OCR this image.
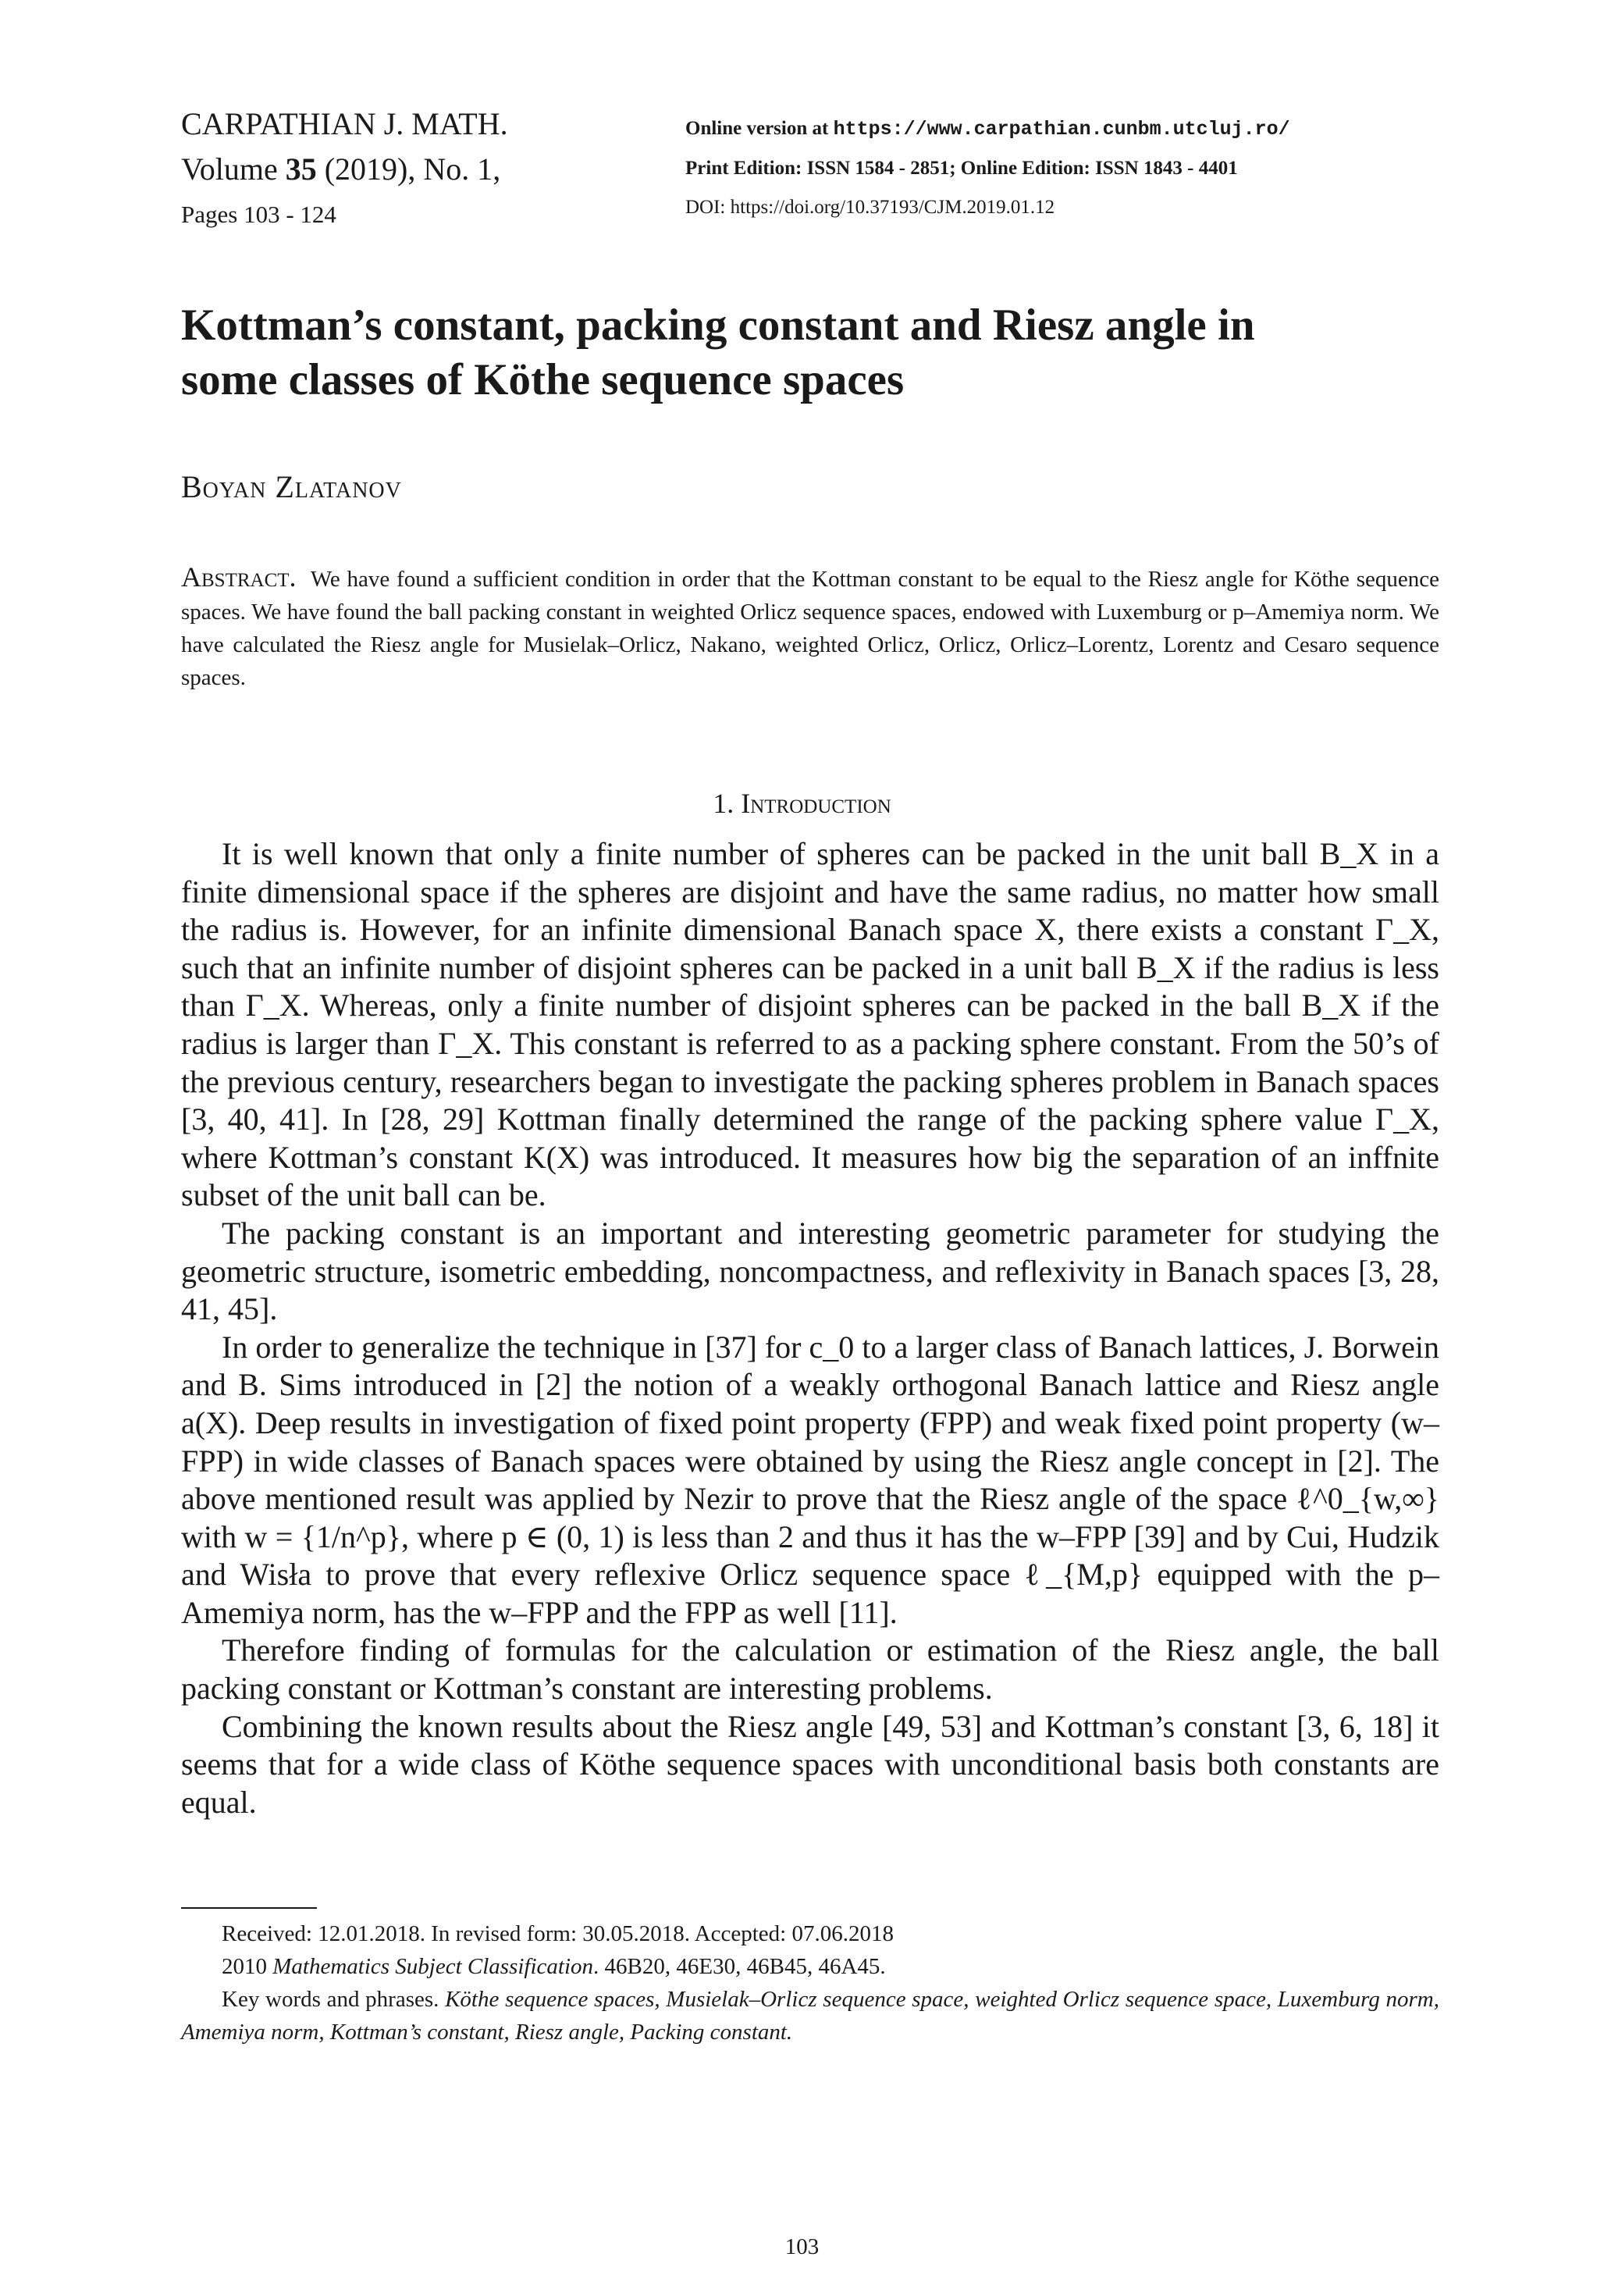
CARPATHIAN J. MATH.
Volume 35 (2019), No. 1,
Pages 103 - 124
Online version at https://www.carpathian.cunbm.utcluj.ro/
Print Edition: ISSN 1584 - 2851; Online Edition: ISSN 1843 - 4401
DOI: https://doi.org/10.37193/CJM.2019.01.12
Kottman’s constant, packing constant and Riesz angle in
some classes of Köthe sequence spaces
Boyan Zlatanov
Abstract. We have found a sufficient condition in order that the Kottman constant to be equal to the Riesz angle for Köthe sequence spaces. We have found the ball packing constant in weighted Orlicz sequence spaces, endowed with Luxemburg or p–Amemiya norm. We have calculated the Riesz angle for Musielak–Orlicz, Nakano, weighted Orlicz, Orlicz, Orlicz–Lorentz, Lorentz and Cesaro sequence spaces.
1. Introduction

It is well known that only a finite number of spheres can be packed in the unit ball B_X in a finite dimensional space if the spheres are disjoint and have the same radius, no matter how small the radius is. However, for an infinite dimensional Banach space X, there exists a constant Γ_X, such that an infinite number of disjoint spheres can be packed in a unit ball B_X if the radius is less than Γ_X. Whereas, only a finite number of disjoint spheres can be packed in the ball B_X if the radius is larger than Γ_X. This constant is referred to as a packing sphere constant. From the 50’s of the previous century, researchers began to investigate the packing spheres problem in Banach spaces [3, 40, 41]. In [28, 29] Kottman finally determined the range of the packing sphere value Γ_X, where Kottman’s constant K(X) was introduced. It measures how big the separation of an inffnite subset of the unit ball can be.

The packing constant is an important and interesting geometric parameter for studying the geometric structure, isometric embedding, noncompactness, and reflexivity in Banach spaces [3, 28, 41, 45].

In order to generalize the technique in [37] for c_0 to a larger class of Banach lattices, J. Borwein and B. Sims introduced in [2] the notion of a weakly orthogonal Banach lattice and Riesz angle a(X). Deep results in investigation of fixed point property (FPP) and weak fixed point property (w–FPP) in wide classes of Banach spaces were obtained by using the Riesz angle concept in [2]. The above mentioned result was applied by Nezir to prove that the Riesz angle of the space ℓ^0_{w,∞} with w = {1/n^p}, where p ∈ (0, 1) is less than 2 and thus it has the w–FPP [39] and by Cui, Hudzik and Wisła to prove that every reflexive Orlicz sequence space ℓ_{M,p} equipped with the p–Amemiya norm, has the w–FPP and the FPP as well [11].

Therefore finding of formulas for the calculation or estimation of the Riesz angle, the ball packing constant or Kottman’s constant are interesting problems.

Combining the known results about the Riesz angle [49, 53] and Kottman’s constant [3, 6, 18] it seems that for a wide class of Köthe sequence spaces with unconditional basis both constants are equal.

Received: 12.01.2018. In revised form: 30.05.2018. Accepted: 07.06.2018

2010 Mathematics Subject Classification. 46B20, 46E30, 46B45, 46A45.

Key words and phrases. Köthe sequence spaces, Musielak–Orlicz sequence space, weighted Orlicz sequence space, Luxemburg norm, Amemiya norm, Kottman’s constant, Riesz angle, Packing constant.

103
